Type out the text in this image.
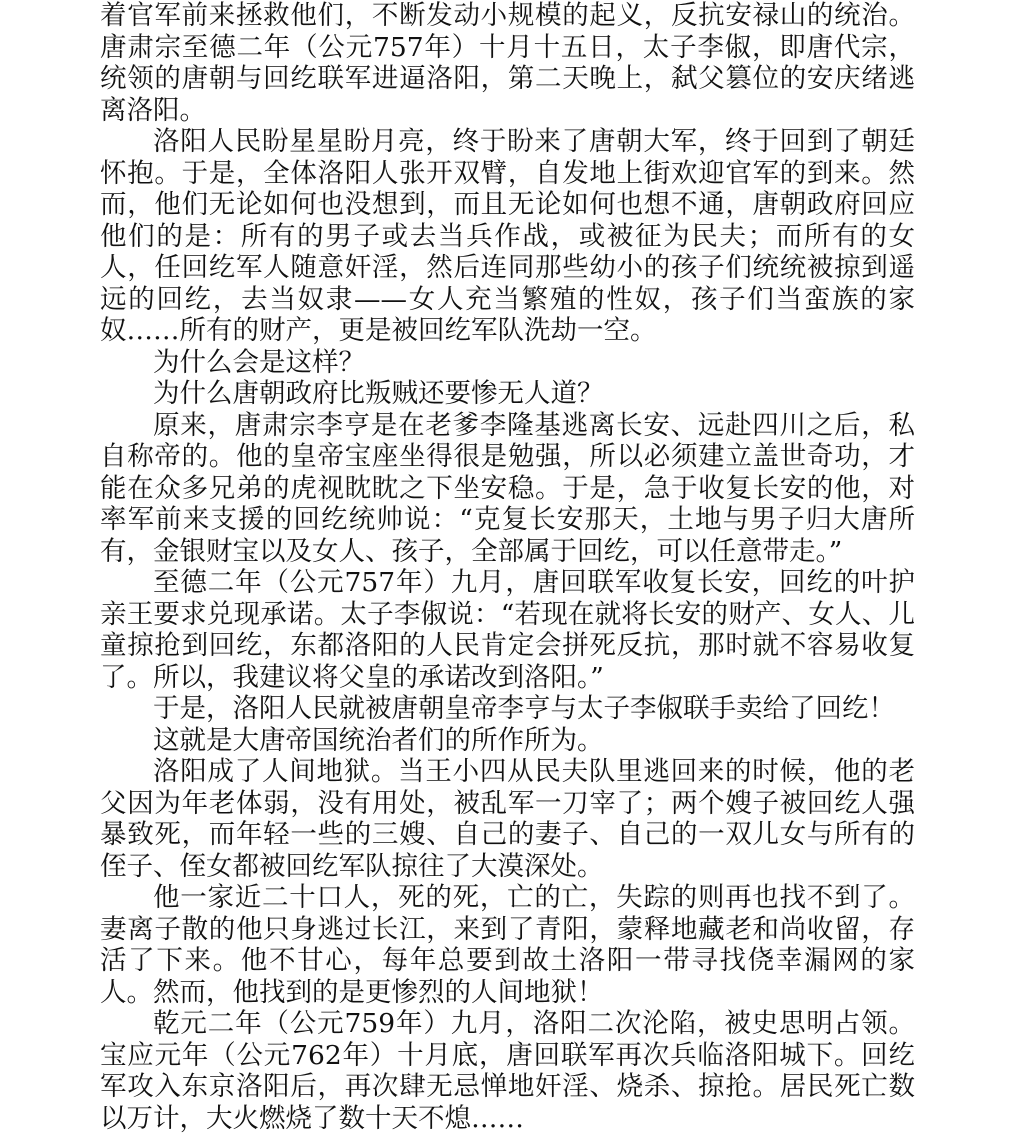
着官军前来拯救他们，不断发动小规模的起义，反抗安禄山的统治。唐肃宗至德二年（公元757年）十月十五日，太子李俶，即唐代宗，统领的唐朝与回纥联军进逼洛阳，第二天晚上，弑父篡位的安庆绪逃离洛阳。

洛阳人民盼星星盼月亮，终于盼来了唐朝大军，终于回到了朝廷怀抱。于是，全体洛阳人张开双臂，自发地上街欢迎官军的到来。然而，他们无论如何也没想到，而且无论如何也想不通，唐朝政府回应他们的是：所有的男子或去当兵作战，或被征为民夫；而所有的女人，任回纥军人随意奸淫，然后连同那些幼小的孩子们统统被掠到遥远的回纥，去当奴隶——女人充当繁殖的性奴，孩子们当蛮族的家奴……所有的财产，更是被回纥军队洗劫一空。

为什么会是这样？

为什么唐朝政府比叛贼还要惨无人道？

原来，唐肃宗李亨是在老爹李隆基逃离长安、远赴四川之后，私自称帝的。他的皇帝宝座坐得很是勉强，所以必须建立盖世奇功，才能在众多兄弟的虎视眈眈之下坐安稳。于是，急于收复长安的他，对率军前来支援的回纥统帅说：“克复长安那天，土地与男子归大唐所有，金银财宝以及女人、孩子，全部属于回纥，可以任意带走。”

至德二年（公元757年）九月，唐回联军收复长安，回纥的叶护亲王要求兑现承诺。太子李俶说：“若现在就将长安的财产、女人、儿童掠抢到回纥，东都洛阳的人民肯定会拼死反抗，那时就不容易收复了。所以，我建议将父皇的承诺改到洛阳。”

于是，洛阳人民就被唐朝皇帝李亨与太子李俶联手卖给了回纥！

这就是大唐帝国统治者们的所作所为。

洛阳成了人间地狱。当王小四从民夫队里逃回来的时候，他的老父因为年老体弱，没有用处，被乱军一刀宰了；两个嫂子被回纥人强暴致死，而年轻一些的三嫂、自己的妻子、自己的一双儿女与所有的侄子、侄女都被回纥军队掠往了大漠深处。

他一家近二十口人，死的死，亡的亡，失踪的则再也找不到了。妻离子散的他只身逃过长江，来到了青阳，蒙释地藏老和尚收留，存活了下来。他不甘心，每年总要到故土洛阳一带寻找侥幸漏网的家人。然而，他找到的是更惨烈的人间地狱！

乾元二年（公元759年）九月，洛阳二次沦陷，被史思明占领。宝应元年（公元762年）十月底，唐回联军再次兵临洛阳城下。回纥军攻入东京洛阳后，再次肆无忌惮地奸淫、烧杀、掠抢。居民死亡数以万计，大火燃烧了数十天不熄……
